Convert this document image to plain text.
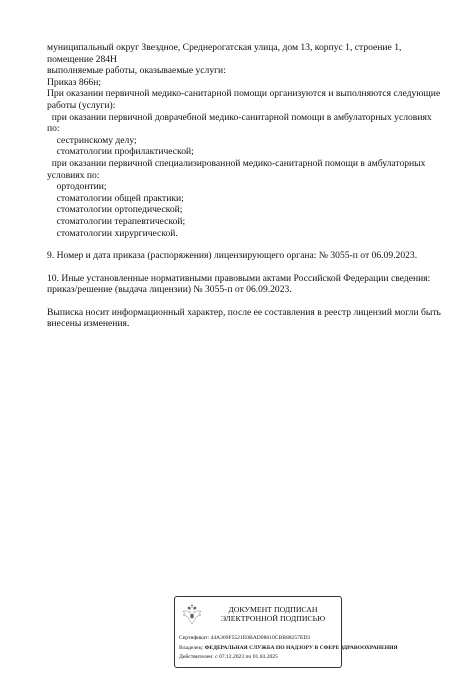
муниципальный округ Звездное, Среднерогатская улица, дом 13, корпус 1, строение 1,
помещение 284Н
выполняемые работы, оказываемые услуги:
Приказ 866н;
При оказании первичной медико-санитарной помощи организуются и выполняются следующие
работы (услуги):
при оказании первичной доврачебной медико-санитарной помощи в амбулаторных условиях
по:
сестринскому делу;
стоматологии профилактической;
при оказании первичной специализированной медико-санитарной помощи в амбулаторных
условиях по:
ортодонтии;
стоматологии общей практики;
стоматологии ортопедической;
стоматологии терапевтической;
стоматологии хирургической.
9. Номер и дата приказа (распоряжения) лицензирующего органа: № 3055-п от 06.09.2023.
10. Иные установленные нормативными правовыми актами Российской Федерации сведения:
приказ/решение (выдача лицензии) № 3055-п от 06.09.2023.
Выписка носит информационный характер, после ее составления в реестр лицензий могли быть
внесены изменения.
ДОКУМЕНТ ПОДПИСАН
ЭЛЕКТРОННОЙ ПОДПИСЬЮ
Сертификат: 44A369F5521E0BAD08610CBB88257ED3
Владелец: ФЕДЕРАЛЬНАЯ СЛУЖБА ПО НАДЗОРУ В СФЕРЕ ЗДРАВООХРАНЕНИЯ
Действителен: с 07.12.2023 по 01.03.2025
